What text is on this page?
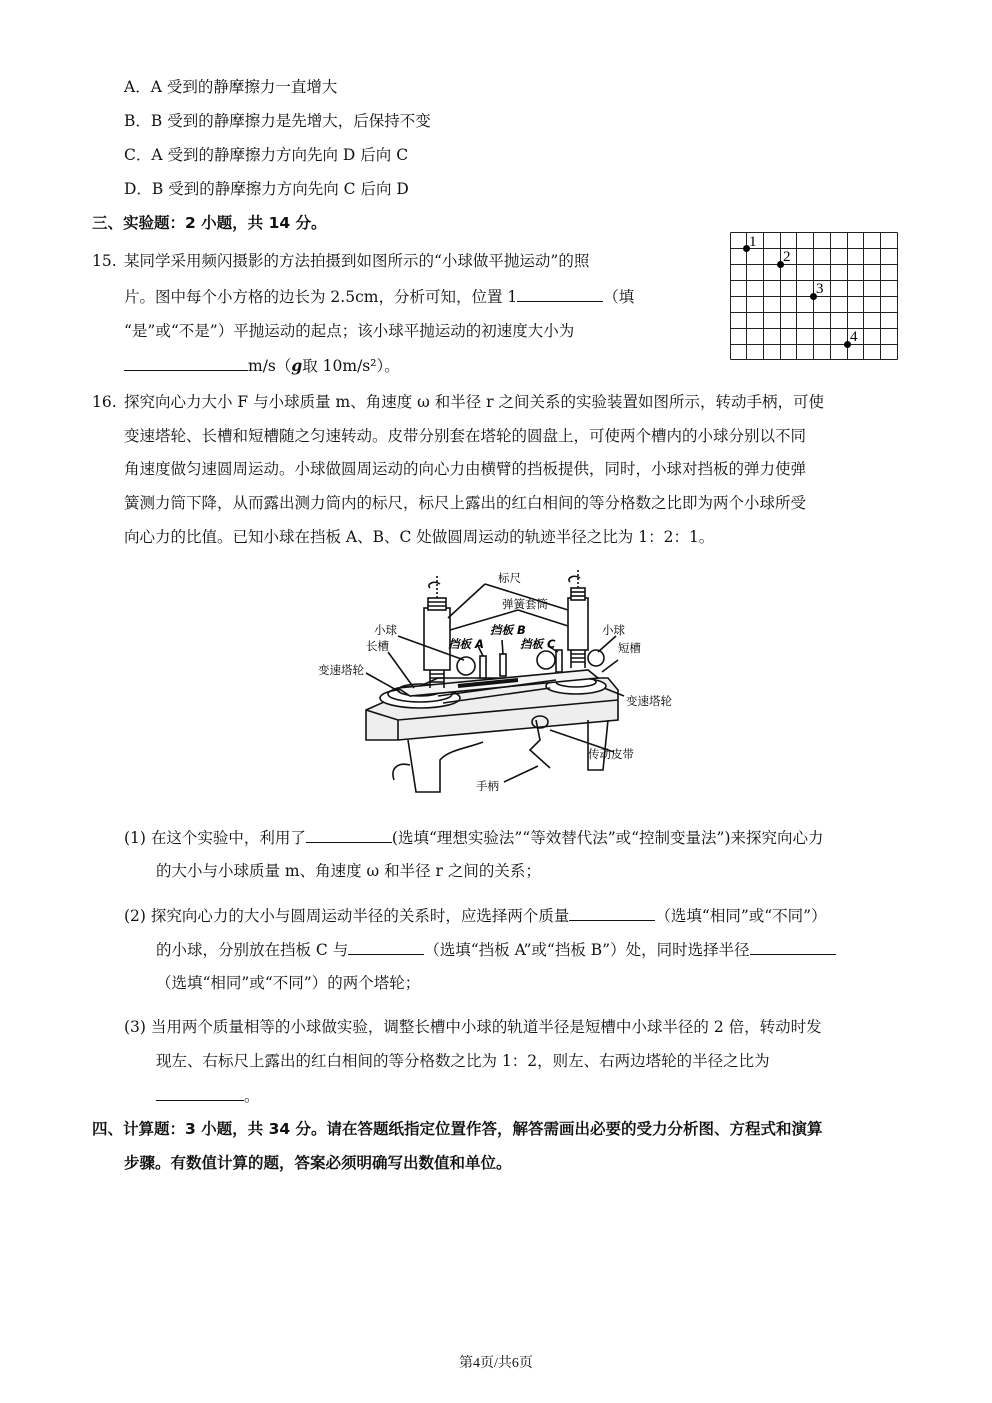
A．A 受到的静摩擦力一直增大
B．B 受到的静摩擦力是先增大，后保持不变
C．A 受到的静摩擦力方向先向 D 后向 C
D．B 受到的静摩擦力方向先向 C 后向 D
三、实验题：2 小题，共 14 分。
15. 某同学采用频闪摄影的方法拍摄到如图所示的“小球做平抛运动”的照
片。图中每个小方格的边长为 2.5cm，分析可知，位置 1	（填
“是”或“不是”）平抛运动的起点；该小球平抛运动的初速度大小为
m/s（g取 10m/s²）。
1
2
3
4
16. 探究向心力大小 F 与小球质量 m、角速度 ω 和半径 r 之间关系的实验装置如图所示，转动手柄，可使
变速塔轮、长槽和短槽随之匀速转动。皮带分别套在塔轮的圆盘上，可使两个槽内的小球分别以不同
角速度做匀速圆周运动。小球做圆周运动的向心力由横臂的挡板提供，同时，小球对挡板的弹力使弹
簧测力筒下降，从而露出测力筒内的标尺，标尺上露出的红白相间的等分格数之比即为两个小球所受
向心力的比值。已知小球在挡板 A、B、C 处做圆周运动的轨迹半径之比为 1：2：1。
标尺
弹簧套筒
小球	小球
挡板 B
挡板 A	挡板 C
长槽	短槽
变速塔轮
变速塔轮
传动皮带
手柄
(1) 在这个实验中，利用了	(选填“理想实验法”“等效替代法”或“控制变量法”)来探究向心力
的大小与小球质量 m、角速度 ω 和半径 r 之间的关系；
(2) 探究向心力的大小与圆周运动半径的关系时，应选择两个质量	（选填“相同”或“不同”）
的小球，分别放在挡板 C 与	（选填“挡板 A”或“挡板 B”）处，同时选择半径
（选填“相同”或“不同”）的两个塔轮；
(3) 当用两个质量相等的小球做实验，调整长槽中小球的轨道半径是短槽中小球半径的 2 倍，转动时发
现左、右标尺上露出的红白相间的等分格数之比为 1：2，则左、右两边塔轮的半径之比为
。
四、计算题：3 小题，共 34 分。请在答题纸指定位置作答，解答需画出必要的受力分析图、方程式和演算
步骤。有数值计算的题，答案必须明确写出数值和单位。
第4页/共6页
